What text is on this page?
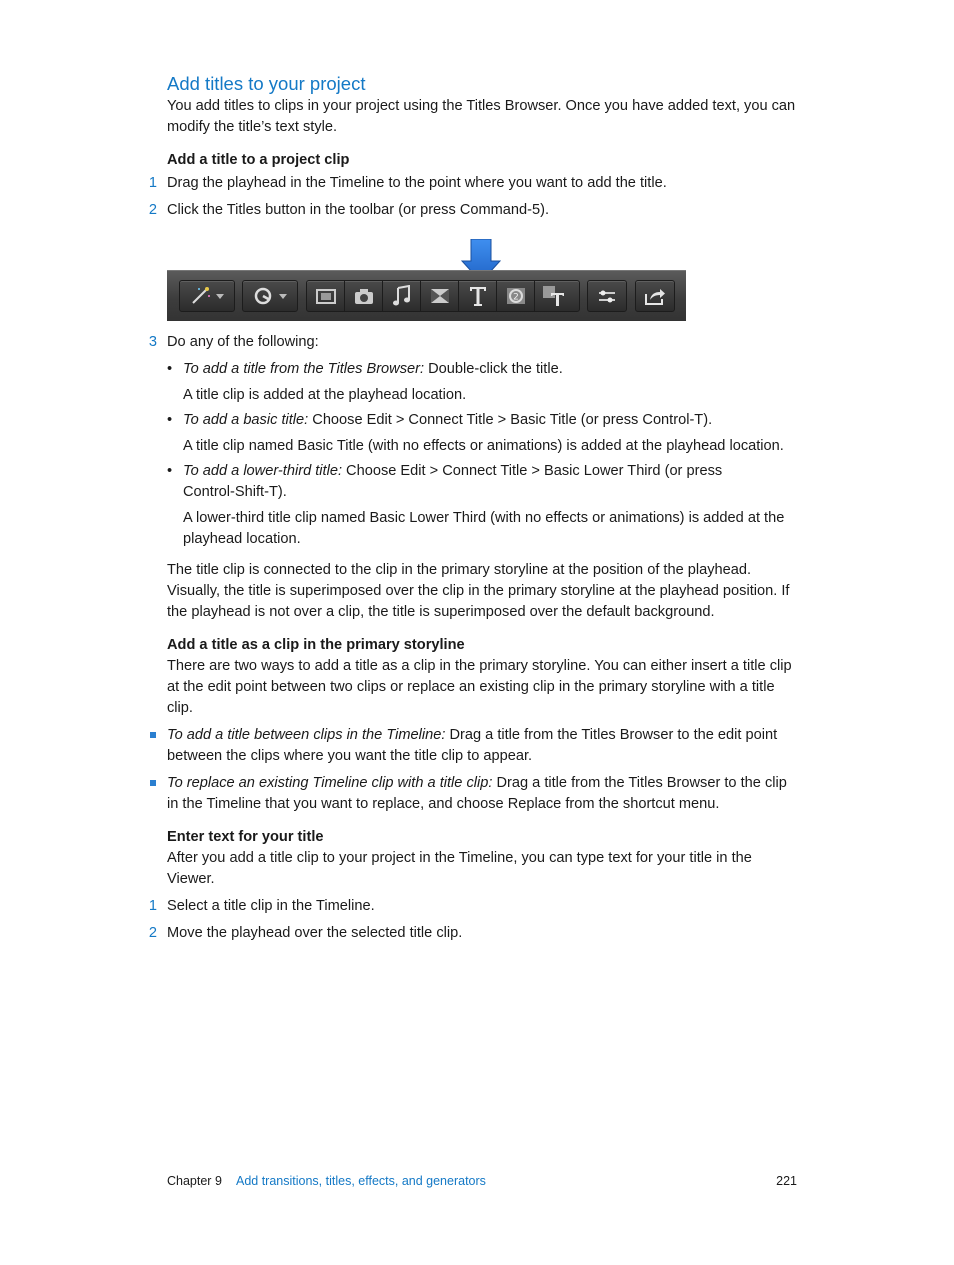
Add titles to your project
You add titles to clips in your project using the Titles Browser. Once you have added text, you can modify the title’s text style.
Add a title to a project clip
1 Drag the playhead in the Timeline to the point where you want to add the title.
2 Click the Titles button in the toolbar (or press Command-5).
2
3 Do any of the following:
• To add a title from the Titles Browser: Double-click the title.
A title clip is added at the playhead location.
• To add a basic title: Choose Edit > Connect Title > Basic Title (or press Control-T).
A title clip named Basic Title (with no effects or animations) is added at the playhead location.
• To add a lower-third title: Choose Edit > Connect Title > Basic Lower Third (or press Control-Shift-T).
A lower-third title clip named Basic Lower Third (with no effects or animations) is added at the playhead location.
The title clip is connected to the clip in the primary storyline at the position of the playhead. Visually, the title is superimposed over the clip in the primary storyline at the playhead position. If the playhead is not over a clip, the title is superimposed over the default background.
Add a title as a clip in the primary storyline
There are two ways to add a title as a clip in the primary storyline. You can either insert a title clip at the edit point between two clips or replace an existing clip in the primary storyline with a title clip.
To add a title between clips in the Timeline: Drag a title from the Titles Browser to the edit point between the clips where you want the title clip to appear.
To replace an existing Timeline clip with a title clip: Drag a title from the Titles Browser to the clip in the Timeline that you want to replace, and choose Replace from the shortcut menu.
Enter text for your title
After you add a title clip to your project in the Timeline, you can type text for your title in the Viewer.
1 Select a title clip in the Timeline.
2 Move the playhead over the selected title clip.
Chapter 9 Add transitions, titles, effects, and generators	221
